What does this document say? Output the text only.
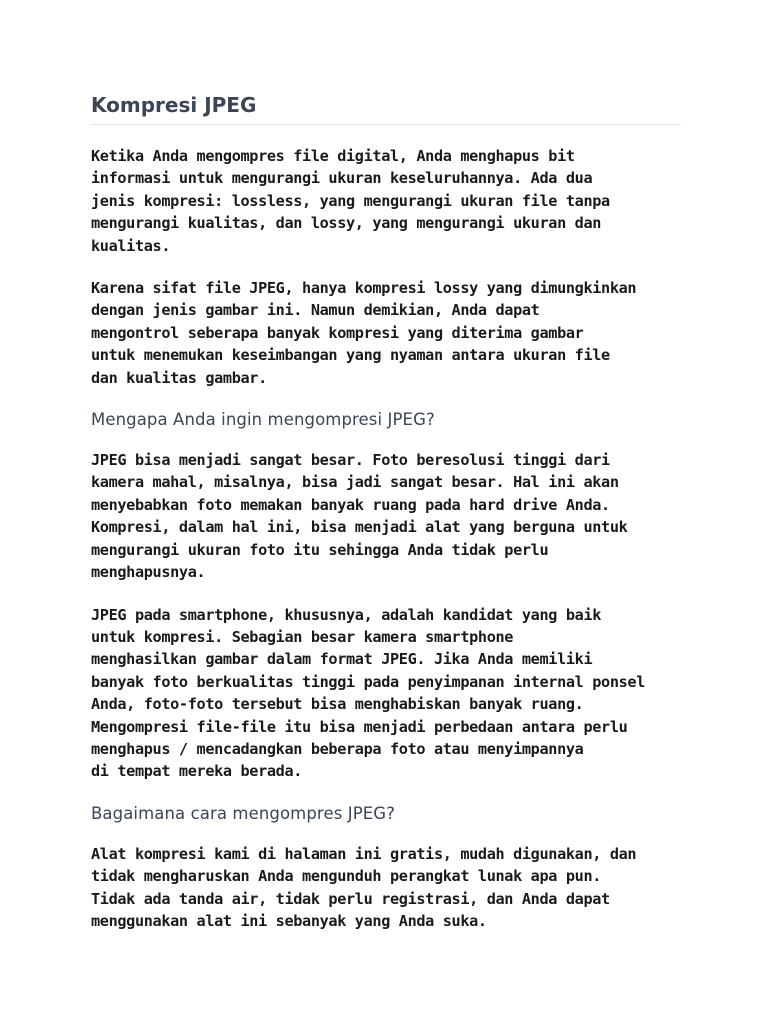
Kompresi JPEG

Ketika Anda mengompres file digital, Anda menghapus bit
informasi untuk mengurangi ukuran keseluruhannya. Ada dua
jenis kompresi: lossless, yang mengurangi ukuran file tanpa
mengurangi kualitas, dan lossy, yang mengurangi ukuran dan
kualitas.

Karena sifat file JPEG, hanya kompresi lossy yang dimungkinkan
dengan jenis gambar ini. Namun demikian, Anda dapat
mengontrol seberapa banyak kompresi yang diterima gambar
untuk menemukan keseimbangan yang nyaman antara ukuran file
dan kualitas gambar.

Mengapa Anda ingin mengompresi JPEG?

JPEG bisa menjadi sangat besar. Foto beresolusi tinggi dari
kamera mahal, misalnya, bisa jadi sangat besar. Hal ini akan
menyebabkan foto memakan banyak ruang pada hard drive Anda.
Kompresi, dalam hal ini, bisa menjadi alat yang berguna untuk
mengurangi ukuran foto itu sehingga Anda tidak perlu
menghapusnya.

JPEG pada smartphone, khususnya, adalah kandidat yang baik
untuk kompresi. Sebagian besar kamera smartphone
menghasilkan gambar dalam format JPEG. Jika Anda memiliki
banyak foto berkualitas tinggi pada penyimpanan internal ponsel
Anda, foto-foto tersebut bisa menghabiskan banyak ruang.
Mengompresi file-file itu bisa menjadi perbedaan antara perlu
menghapus / mencadangkan beberapa foto atau menyimpannya
di tempat mereka berada.

Bagaimana cara mengompres JPEG?

Alat kompresi kami di halaman ini gratis, mudah digunakan, dan
tidak mengharuskan Anda mengunduh perangkat lunak apa pun.
Tidak ada tanda air, tidak perlu registrasi, dan Anda dapat
menggunakan alat ini sebanyak yang Anda suka.
